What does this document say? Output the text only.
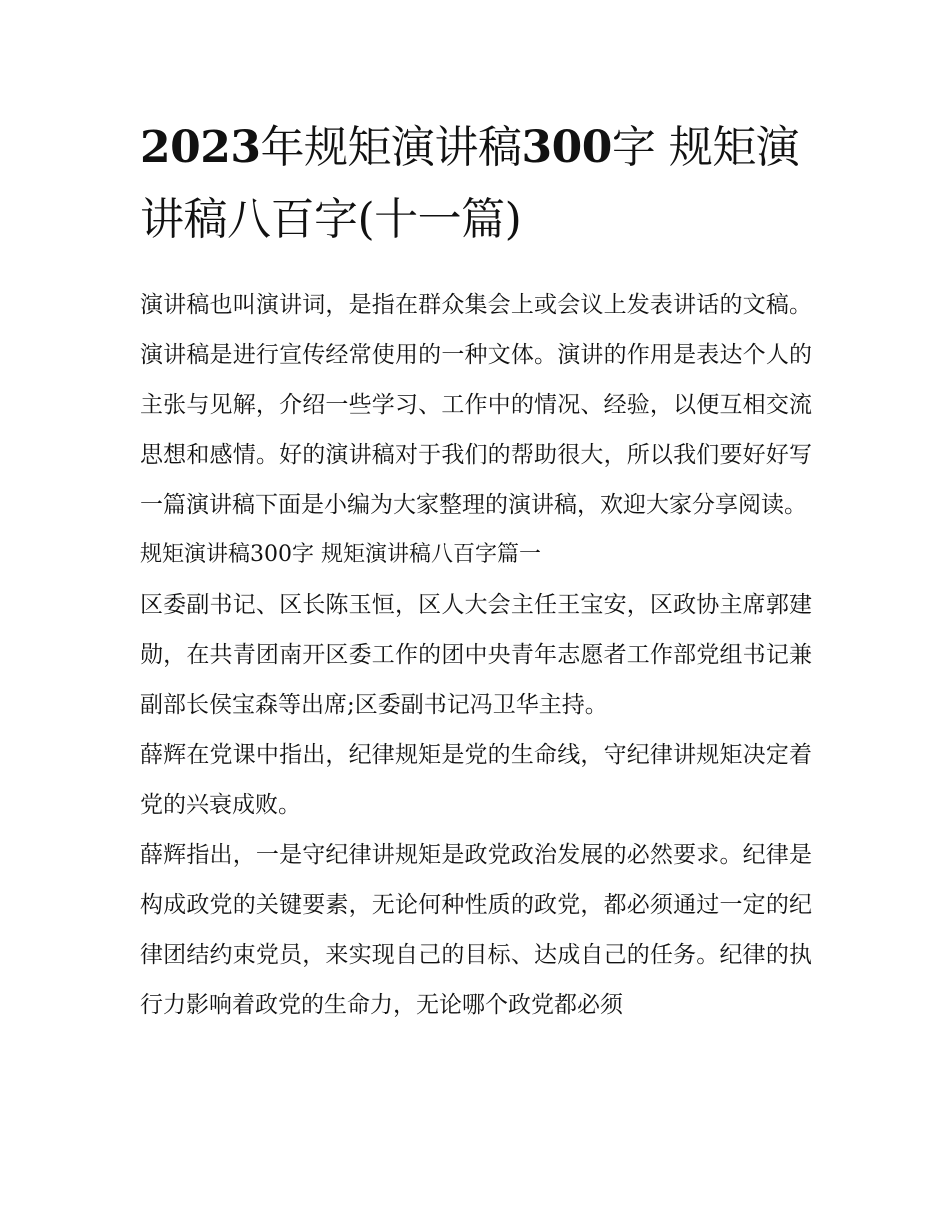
2023年规矩演讲稿300字 规矩演讲稿八百字(十一篇)

演讲稿也叫演讲词，是指在群众集会上或会议上发表讲话的文稿。演讲稿是进行宣传经常使用的一种文体。演讲的作用是表达个人的主张与见解，介绍一些学习、工作中的情况、经验，以便互相交流思想和感情。好的演讲稿对于我们的帮助很大，所以我们要好好写一篇演讲稿下面是小编为大家整理的演讲稿，欢迎大家分享阅读。

规矩演讲稿300字 规矩演讲稿八百字篇一

区委副书记、区长陈玉恒，区人大会主任王宝安，区政协主席郭建勋，在共青团南开区委工作的团中央青年志愿者工作部党组书记兼副部长侯宝森等出席;区委副书记冯卫华主持。

薛辉在党课中指出，纪律规矩是党的生命线，守纪律讲规矩决定着党的兴衰成败。

薛辉指出，一是守纪律讲规矩是政党政治发展的必然要求。纪律是构成政党的关键要素，无论何种性质的政党，都必须通过一定的纪律团结约束党员，来实现自己的目标、达成自己的任务。纪律的执行力影响着政党的生命力，无论哪个政党都必须
